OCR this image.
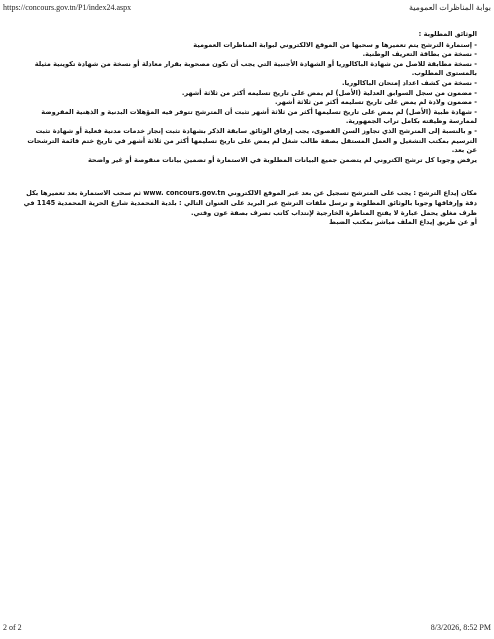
https://concours.gov.tn/P1/index24.aspx	بوابة المناظرات العمومية

الوثائق المطلوبة :

- إستمارة الترشح يتم تعميرها و سحبها من الموقع الالكتروني لبوابة المناظرات العمومية

- نسخة من بطاقة التعريف الوطنية.

- نسخة مطابقة للاصل من شهادة الباكالوريا أو الشهادة الأجنبية التي يجب أن تكون مصحوبة بقرار معادلة أو نسخة من شهادة تكوينية مثيلة بالمستوى المطلوب.

- نسخة من كشف اعداد إمتحان الباكالوريا.

- مضمون من سجل السوابق العدلية (الأصل) لم يمض على تاريخ تسليمه أكثر من ثلاثة أشهر.

- مضمون ولادة لم يمض على تاريخ تسليمه أكثر من ثلاثة أشهر.

- شهادة طبية (الأصل) لم يمض على تاريخ تسليمها أكثر من ثلاثة أشهر تثبت أن المترشح تتوفر فيه المؤهلات البدنية و الذهنية المفروضة لممارسة وظيفته بكامل تراب الجمهورية.

- و بالنسبة إلى المترشح الذي تجاوز السن القصوى، يجب إرفاق الوثائق سابقة الذكر بشهادة تثبت إنجاز خدمات مدنية فعلية أو شهادة تثبت الترسيم بمكتب التشغيل و العمل المستقل بصفة طالب شغل لم يمض على تاريخ تسليمها أكثر من ثلاثة أشهر في تاريخ ختم قائمة الترشحات عن بعد.

يرفض وجوبا كل ترشح الكتروني لم يتضمن جميع البيانات المطلوبة في الاستمارة أو تضمين بيانات منقوصة أو غير واضحة

مكان إيداع الترشح : يجب على المترشح تسجيل عن بعد عبر الموقع الالكتروني www. concours.gov.tn ثم سحب الاستمارة بعد تعميرها بكل دقة وإرفاقها وجوبا بالوثائق المطلوبة و ترسل ملفات الترشح عبر البريد على العنوان التالي : بلدية المحمدية شارع الحرية المحمدية 1145 في ظرف مغلق يحمل عبارة لا يفتح المناظرة الخارجية لإنتداب كاتب تصرف بصفة عون وقتي.

أو عن طريق إيداع الملف مباشر بمكتب الضبط

2 of 2	8/3/2026, 8:52 PM
